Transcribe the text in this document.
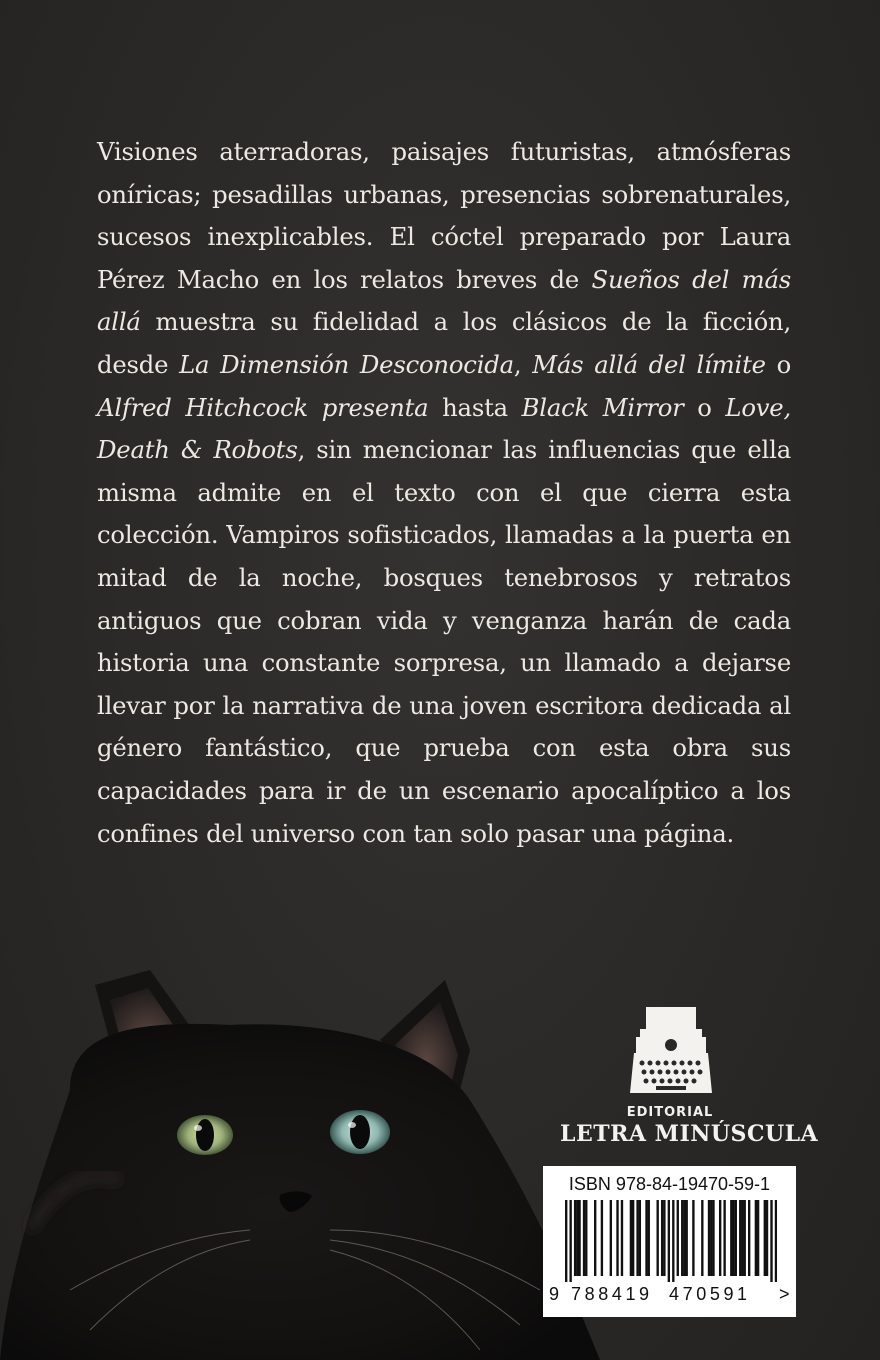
Visiones aterradoras, paisajes futuristas, atmósferas oníricas; pesadillas urbanas, presencias sobrenaturales, sucesos inexplicables. El cóctel preparado por Laura Pérez Macho en los relatos breves de Sueños del más allá muestra su fidelidad a los clásicos de la ficción, desde La Dimensión Desconocida, Más allá del límite o Alfred Hitchcock presenta hasta Black Mirror o Love, Death & Robots, sin mencionar las influencias que ella misma admite en el texto con el que cierra esta colección. Vampiros sofisticados, llamadas a la puerta en mitad de la noche, bosques tenebrosos y retratos antiguos que cobran vida y venganza harán de cada historia una constante sorpresa, un llamado a dejarse llevar por la narrativa de una joven escritora dedicada al género fantástico, que prueba con esta obra sus capacidades para ir de un escenario apocalíptico a los confines del universo con tan solo pasar una página.

EDITORIAL
LETRA MINÚSCULA
ISBN 978-84-19470-59-1
9 788419 470591 >
